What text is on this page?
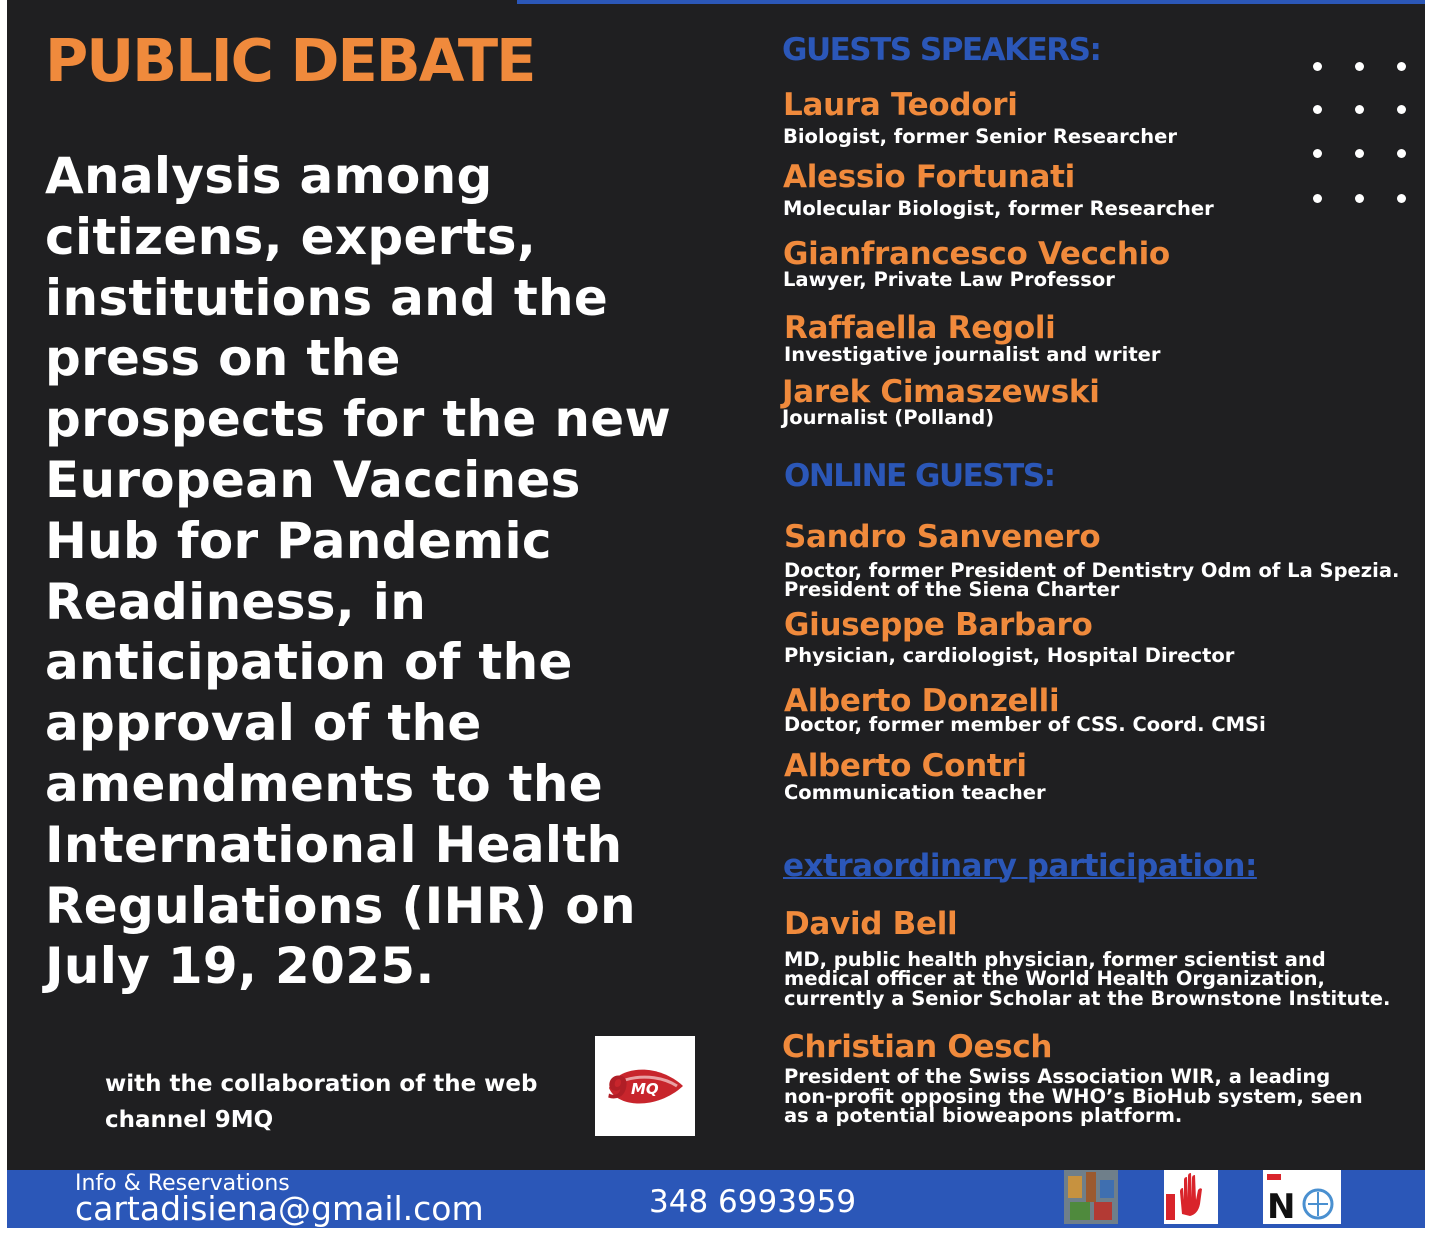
PUBLIC DEBATE
Analysis among
citizens, experts,
institutions and the
press on the
prospects for the new
European Vaccines
Hub for Pandemic
Readiness, in
anticipation of the
approval of the
amendments to the
International Health
Regulations (IHR) on
July 19, 2025.
with the collaboration of the web
channel 9MQ
9 MQ
GUESTS SPEAKERS:
Laura Teodori
Biologist, former Senior Researcher
Alessio Fortunati
Molecular Biologist, former Researcher
Gianfrancesco Vecchio
Lawyer, Private Law Professor
Raffaella Regoli
Investigative journalist and writer
Jarek Cimaszewski
Journalist (Polland)
ONLINE GUESTS:
Sandro Sanvenero
Doctor, former President of Dentistry Odm of La Spezia.
President of the Siena Charter
Giuseppe Barbaro
Physician, cardiologist, Hospital Director
Alberto Donzelli
Doctor, former member of CSS. Coord. CMSi
Alberto Contri
Communication teacher
extraordinary participation:
David Bell
MD, public health physician, former scientist and
medical officer at the World Health Organization,
currently a Senior Scholar at the Brownstone Institute.
Christian Oesch
President of the Swiss Association WIR, a leading
non-profit opposing the WHO’s BioHub system, seen
as a potential bioweapons platform.
Info & Reservations
cartadisiena@gmail.com	348 6993959	N
